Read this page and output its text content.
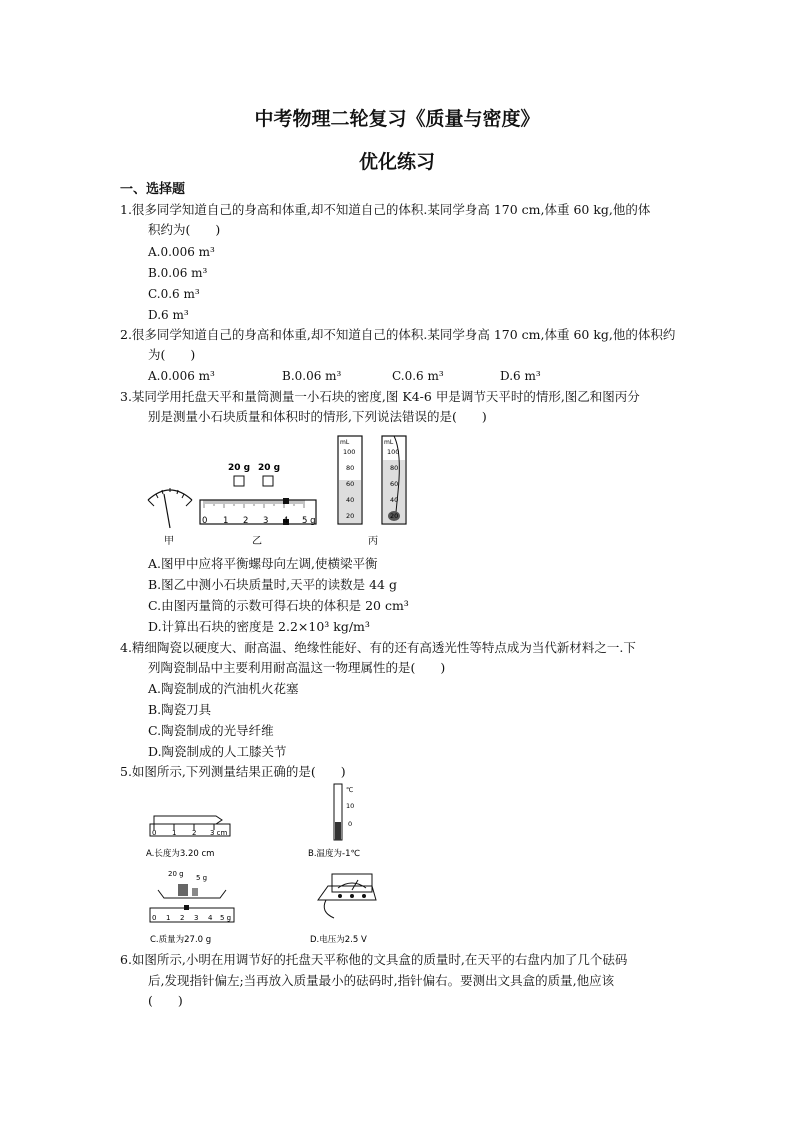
中考物理二轮复习《质量与密度》
优化练习
一、选择题
1.很多同学知道自己的身高和体重,却不知道自己的体积.某同学身高 170 cm,体重 60 kg,他的体
积约为(　　)
A.0.006 m³
B.0.06 m³
C.0.6 m³
D.6 m³
2.很多同学知道自己的身高和体重,却不知道自己的体积.某同学身高 170 cm,体重 60 kg,他的体积约
为(　　)
A.0.006 m³	B.0.06 m³	C.0.6 m³	D.6 m³
3.某同学用托盘天平和量筒测量一小石块的密度,图 K4-6 甲是调节天平时的情形,图乙和图丙分
别是测量小石块质量和体积时的情形,下列说法错误的是(　　)
甲
20 g 20 g
0 1 2 3 4 5 g
乙
mL	mL
100
80
60
40
20
100
80
60
40
20
丙
A.图甲中应将平衡螺母向左调,使横梁平衡
B.图乙中测小石块质量时,天平的读数是 44 g
C.由图丙量筒的示数可得石块的体积是 20 cm³
D.计算出石块的密度是 2.2×10³ kg/m³
4.精细陶瓷以硬度大、耐高温、绝缘性能好、有的还有高透光性等特点成为当代新材料之一.下
列陶瓷制品中主要利用耐高温这一物理属性的是(　　)
A.陶瓷制成的汽油机火花塞
B.陶瓷刀具
C.陶瓷制成的光导纤维
D.陶瓷制成的人工膝关节
5.如图所示,下列测量结果正确的是(　　)
0 1 2 3 cm
A.长度为3.20 cm
℃
10
0
B.温度为-1℃
20 g 5 g
0 1 2 3 4 5 g
C.质量为27.0 g	D.电压为2.5 V
6.如图所示,小明在用调节好的托盘天平称他的文具盒的质量时,在天平的右盘内加了几个砝码
后,发现指针偏左;当再放入质量最小的砝码时,指针偏右。要测出文具盒的质量,他应该
(　　)
